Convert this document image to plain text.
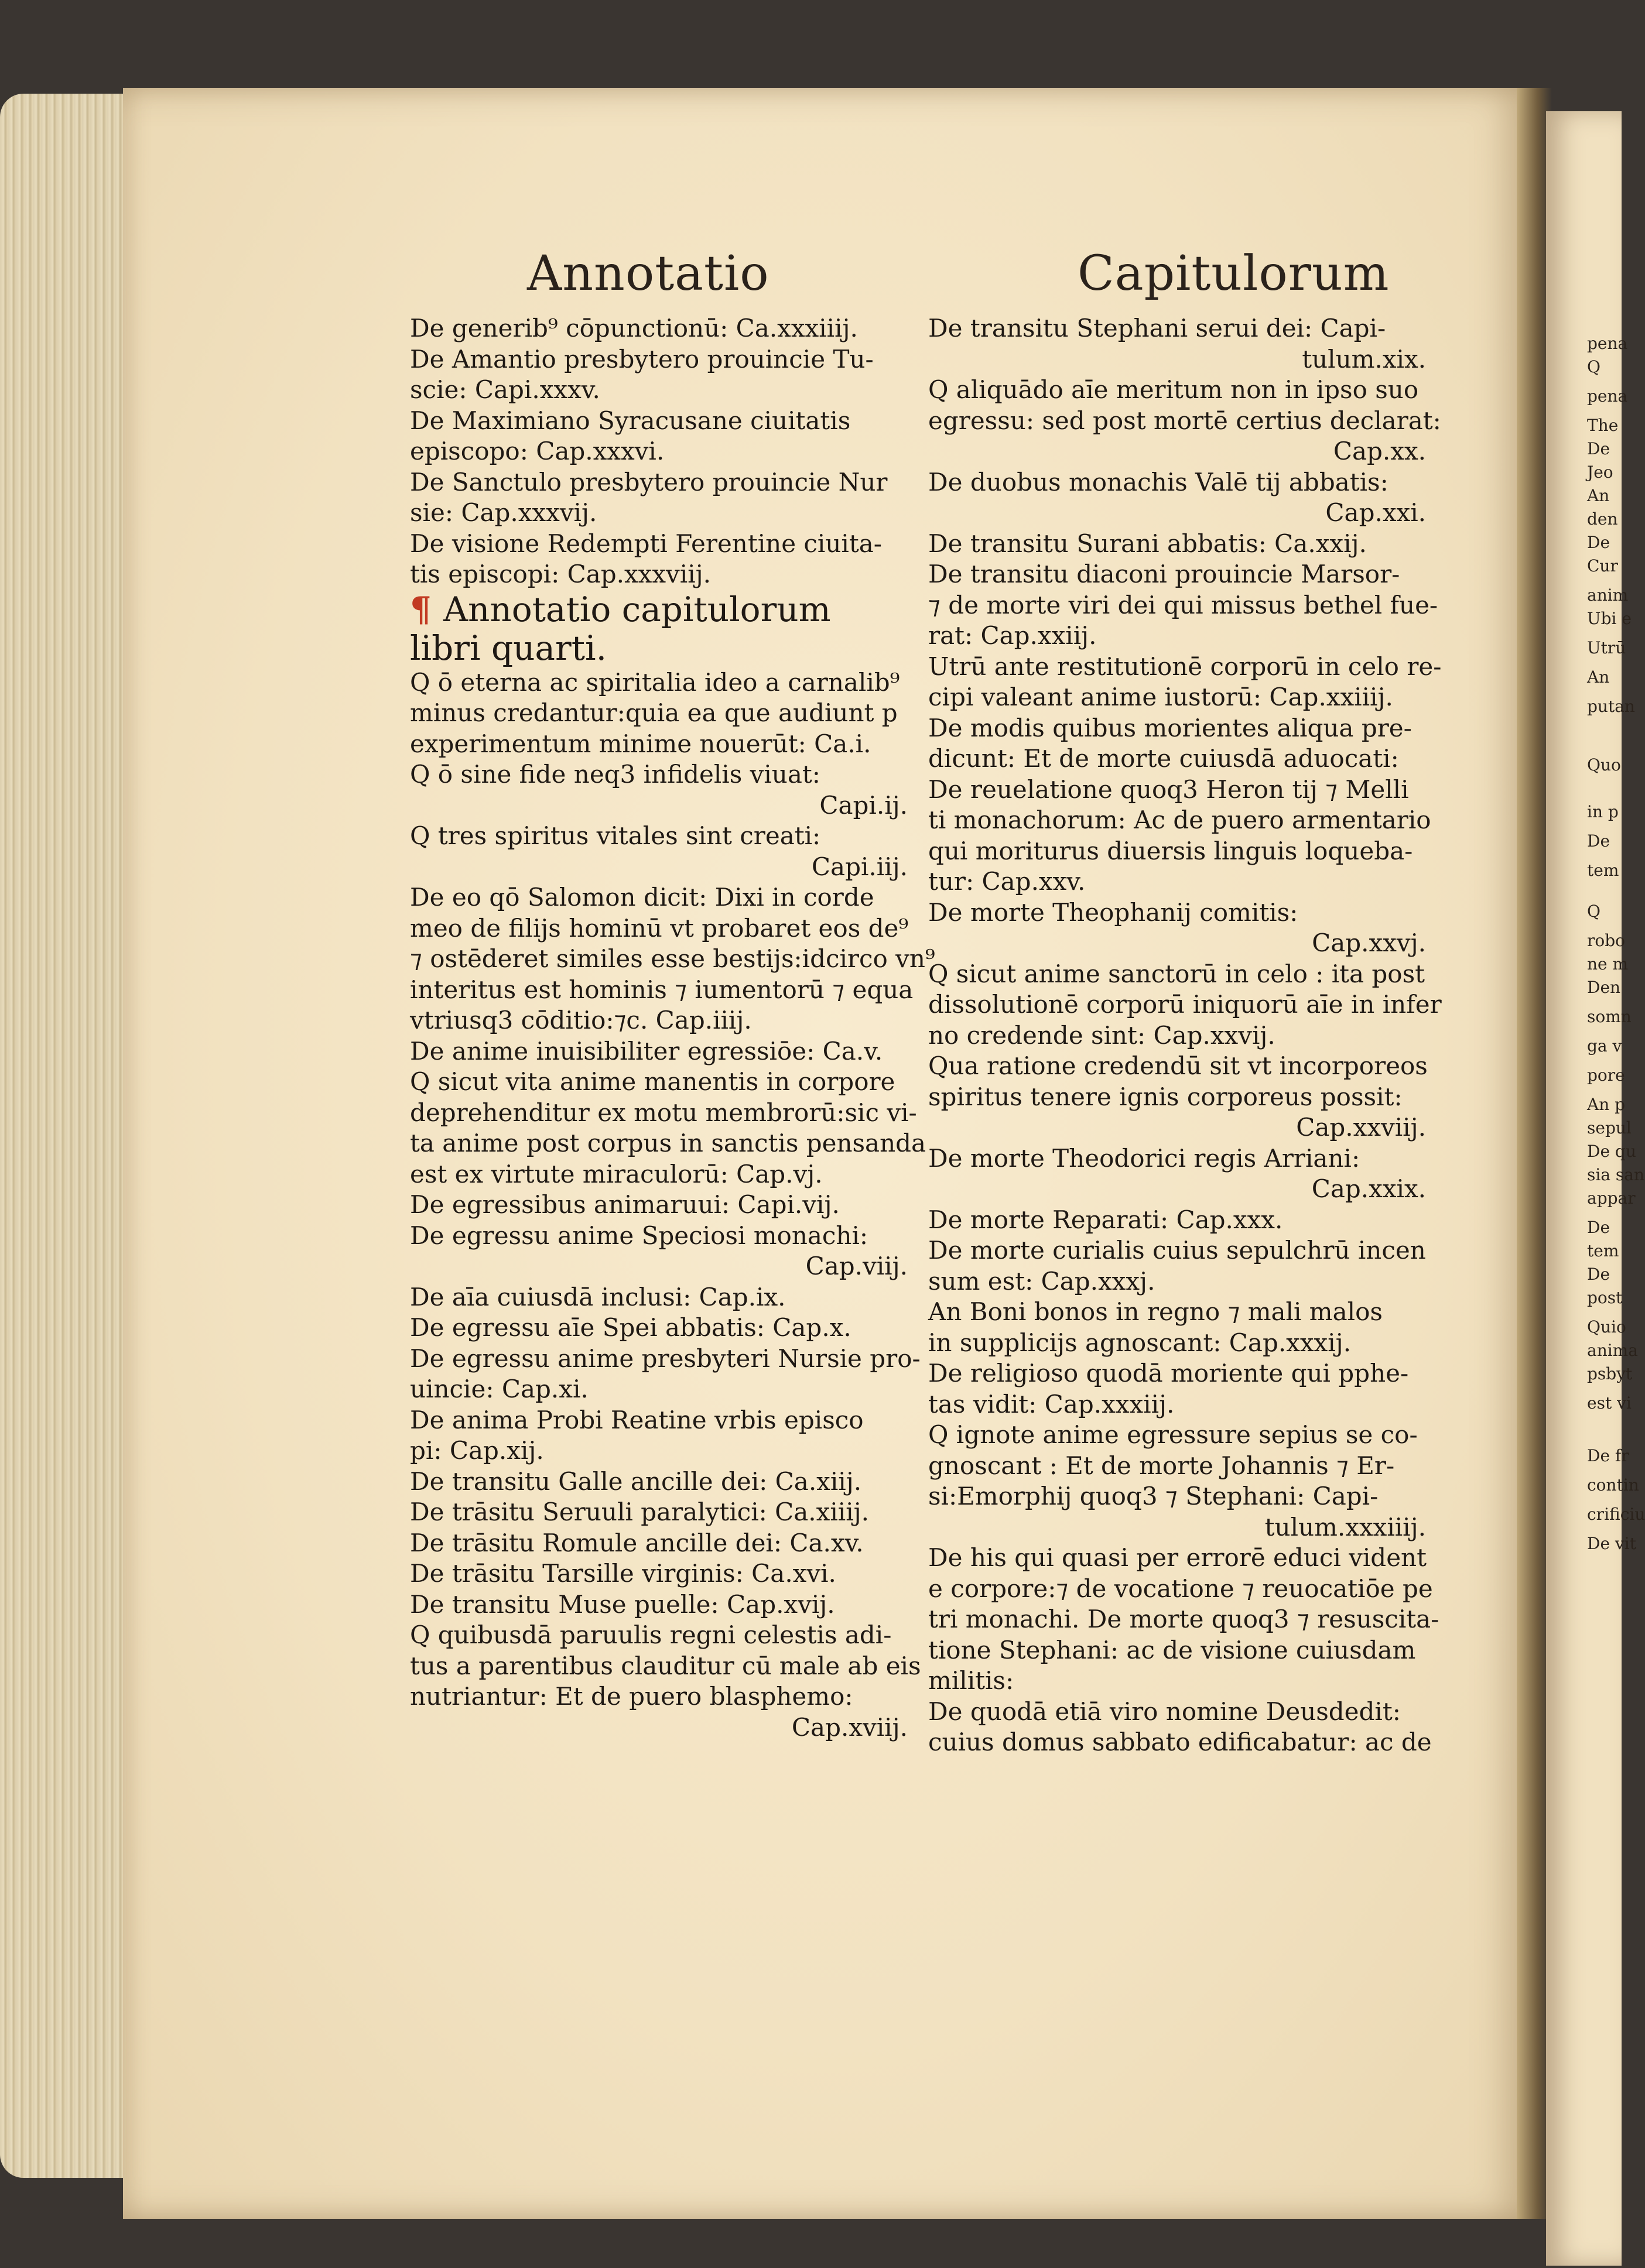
Annotatio	Capitulorum
De generib⁹ cōpunctionū: Ca.xxxiiij.
De Amantio presbytero prouincie Tu-
scie: Capi.xxxv.
De Maximiano Syracusane ciuitatis
episcopo: Cap.xxxvi.
De Sanctulo presbytero prouincie Nur
sie: Cap.xxxvij.
De visione Redempti Ferentine ciuita-
tis episcopi: Cap.xxxviij.
¶ Annotatio capitulorum
libri quarti.
Q ō eterna ac spiritalia ideo a carnalib⁹
minus credantur:quia ea que audiunt p
experimentum minime nouerūt: Ca.i.
Q ō sine fide neq3 infidelis viuat:
Capi.ij.
Q tres spiritus vitales sint creati:
Capi.iij.
De eo qō Salomon dicit: Dixi in corde
meo de filijs hominū vt probaret eos de⁹
⁊ ostēderet similes esse bestijs:idcirco vn⁹
interitus est hominis ⁊ iumentorū ⁊ equa
vtriusq3 cōditio:⁊c. Cap.iiij.
De anime inuisibiliter egressiōe: Ca.v.
Q sicut vita anime manentis in corpore
deprehenditur ex motu membrorū:sic vi-
ta anime post corpus in sanctis pensanda
est ex virtute miraculorū: Cap.vj.
De egressibus animaruui: Capi.vij.
De egressu anime Speciosi monachi:
Cap.viij.
De aīa cuiusdā inclusi: Cap.ix.
De egressu aīe Spei abbatis: Cap.x.
De egressu anime presbyteri Nursie pro-
uincie: Cap.xi.
De anima Probi Reatine vrbis episco
pi: Cap.xij.
De transitu Galle ancille dei: Ca.xiij.
De trāsitu Seruuli paralytici: Ca.xiiij.
De trāsitu Romule ancille dei: Ca.xv.
De trāsitu Tarsille virginis: Ca.xvi.
De transitu Muse puelle: Cap.xvij.
Q quibusdā paruulis regni celestis adi-
tus a parentibus clauditur cū male ab eis
nutriantur: Et de puero blasphemo:
Cap.xviij.
De transitu Stephani serui dei: Capi-
tulum.xix.
Q aliquādo aīe meritum non in ipso suo
egressu: sed post mortē certius declarat:
Cap.xx.
De duobus monachis Valē tij abbatis:
Cap.xxi.
De transitu Surani abbatis: Ca.xxij.
De transitu diaconi prouincie Marsor-
⁊ de morte viri dei qui missus bethel fue-
rat: Cap.xxiij.
Utrū ante restitutionē corporū in celo re-
cipi valeant anime iustorū: Cap.xxiiij.
De modis quibus morientes aliqua pre-
dicunt: Et de morte cuiusdā aduocati:
De reuelatione quoq3 Heron tij ⁊ Melli
ti monachorum: Ac de puero armentario
qui moriturus diuersis linguis loqueba-
tur: Cap.xxv.
De morte Theophanij comitis:
Cap.xxvj.
Q sicut anime sanctorū in celo : ita post
dissolutionē corporū iniquorū aīe in infer
no credende sint: Cap.xxvij.
Qua ratione credendū sit vt incorporeos
spiritus tenere ignis corporeus possit:
Cap.xxviij.
De morte Theodorici regis Arriani:
Cap.xxix.
De morte Reparati: Cap.xxx.
De morte curialis cuius sepulchrū incen
sum est: Cap.xxxj.
An Boni bonos in regno ⁊ mali malos
in supplicijs agnoscant: Cap.xxxij.
De religioso quodā moriente qui pphe-
tas vidit: Cap.xxxiij.
Q ignote anime egressure sepius se co-
gnoscant : Et de morte Johannis ⁊ Er-
si:Emorphij quoq3 ⁊ Stephani: Capi-
tulum.xxxiiij.
De his qui quasi per errorē educi vident
e corpore:⁊ de vocatione ⁊ reuocatiōe pe
tri monachi. De morte quoq3 ⁊ resuscita-
tione Stephani: ac de visione cuiusdam
militis:
De quodā etiā viro nomine Deusdedit:
cuius domus sabbato edificabatur: ac de
pena
Q
pena
The
De
Jeo
An
den
De
Cur
anim
Ubi e
Utrū
An
putan
Quo
in p
De
tem
Q
robo
ne m
Den
somn
ga v
pore
An p
sepul
De qu
sia san
appar
De
tem
De
post
Quio
anima
psbyt
est vi
De fr
contin
crificiu
De vit
